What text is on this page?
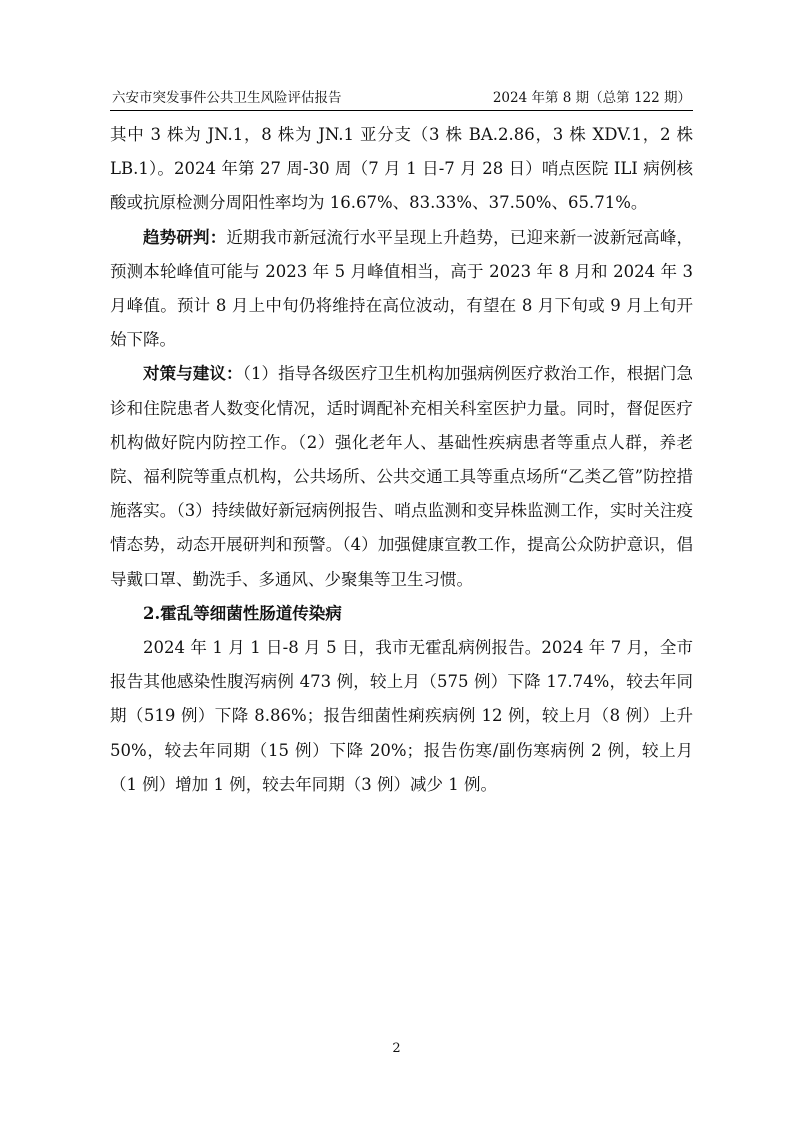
六安市突发事件公共卫生风险评估报告	2024 年第 8 期（总第 122 期）

其中 3 株为 JN.1，8 株为 JN.1 亚分支（3 株 BA.2.86，3 株 XDV.1，2 株 LB.1）。2024 年第 27 周-30 周（7 月 1 日-7 月 28 日）哨点医院 ILI 病例核酸或抗原检测分周阳性率均为 16.67%、83.33%、37.50%、65.71%。

趋势研判：近期我市新冠流行水平呈现上升趋势，已迎来新一波新冠高峰，预测本轮峰值可能与 2023 年 5 月峰值相当，高于 2023 年 8 月和 2024 年 3 月峰值。预计 8 月上中旬仍将维持在高位波动，有望在 8 月下旬或 9 月上旬开始下降。

对策与建议：（1）指导各级医疗卫生机构加强病例医疗救治工作，根据门急诊和住院患者人数变化情况，适时调配补充相关科室医护力量。同时，督促医疗机构做好院内防控工作。（2）强化老年人、基础性疾病患者等重点人群，养老院、福利院等重点机构，公共场所、公共交通工具等重点场所“乙类乙管”防控措施落实。（3）持续做好新冠病例报告、哨点监测和变异株监测工作，实时关注疫情态势，动态开展研判和预警。（4）加强健康宣教工作，提高公众防护意识，倡导戴口罩、勤洗手、多通风、少聚集等卫生习惯。

2.霍乱等细菌性肠道传染病

2024 年 1 月 1 日-8 月 5 日，我市无霍乱病例报告。2024 年 7 月，全市报告其他感染性腹泻病例 473 例，较上月（575 例）下降 17.74%，较去年同期（519 例）下降 8.86%；报告细菌性痢疾病例 12 例，较上月（8 例）上升 50%，较去年同期（15 例）下降 20%；报告伤寒/副伤寒病例 2 例，较上月（1 例）增加 1 例，较去年同期（3 例）减少 1 例。

2
